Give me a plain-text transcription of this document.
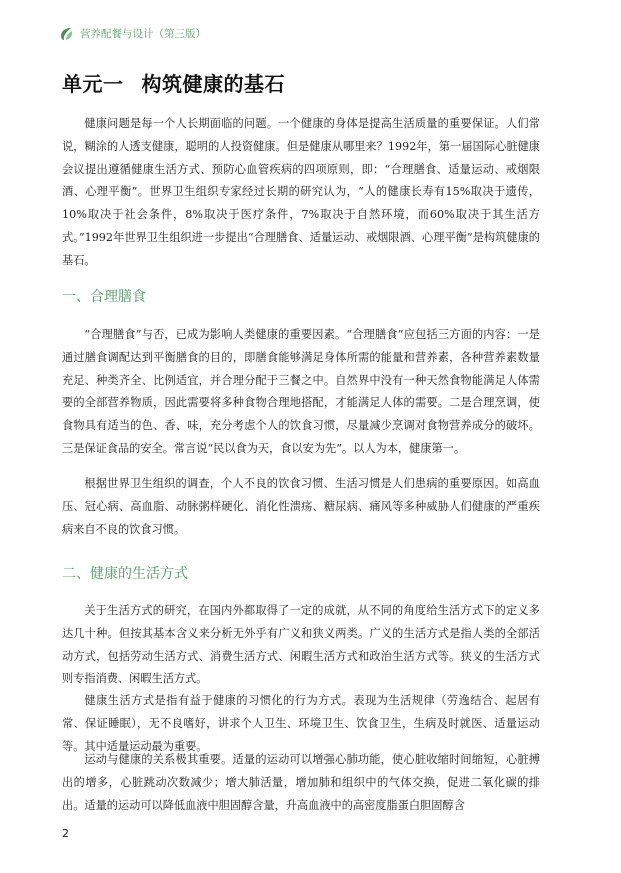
营养配餐与设计（第三版）
单元一 构筑健康的基石

健康问题是每一个人长期面临的问题。一个健康的身体是提高生活质量的重要保证。人们常说，糊涂的人透支健康，聪明的人投资健康。但是健康从哪里来？1992年，第一届国际心脏健康会议提出遵循健康生活方式、预防心血管疾病的四项原则，即：“合理膳食、适量运动、戒烟限酒、心理平衡”。世界卫生组织专家经过长期的研究认为，“人的健康长寿有15%取决于遗传，10%取决于社会条件，8%取决于医疗条件，7%取决于自然环境，而60%取决于其生活方式。”1992年世界卫生组织进一步提出“合理膳食、适量运动、戒烟限酒、心理平衡”是构筑健康的基石。

一、合理膳食

“合理膳食”与否，已成为影响人类健康的重要因素。“合理膳食”应包括三方面的内容：一是通过膳食调配达到平衡膳食的目的，即膳食能够满足身体所需的能量和营养素，各种营养素数量充足、种类齐全、比例适宜，并合理分配于三餐之中。自然界中没有一种天然食物能满足人体需要的全部营养物质，因此需要将多种食物合理地搭配，才能满足人体的需要。二是合理烹调，使食物具有适当的色、香、味，充分考虑个人的饮食习惯，尽量减少烹调对食物营养成分的破坏。三是保证食品的安全。常言说“民以食为天，食以安为先”。以人为本，健康第一。

根据世界卫生组织的调查，个人不良的饮食习惯、生活习惯是人们患病的重要原因。如高血压、冠心病、高血脂、动脉粥样硬化、消化性溃疡、糖尿病、痛风等多种威胁人们健康的严重疾病来自不良的饮食习惯。

二、健康的生活方式

关于生活方式的研究，在国内外都取得了一定的成就，从不同的角度给生活方式下的定义多达几十种。但按其基本含义来分析无外乎有广义和狭义两类。广义的生活方式是指人类的全部活动方式，包括劳动生活方式、消费生活方式、闲暇生活方式和政治生活方式等。狭义的生活方式则专指消费、闲暇生活方式。

健康生活方式是指有益于健康的习惯化的行为方式。表现为生活规律（劳逸结合、起居有常、保证睡眠），无不良嗜好，讲求个人卫生、环境卫生、饮食卫生，生病及时就医、适量运动等。其中适量运动最为重要。

运动与健康的关系极其重要。适量的运动可以增强心肺功能，使心脏收缩时间缩短，心脏搏出的增多，心脏跳动次数减少；增大肺活量，增加肺和组织中的气体交换，促进二氧化碳的排出。适量的运动可以降低血液中胆固醇含量，升高血液中的高密度脂蛋白胆固醇含

2
